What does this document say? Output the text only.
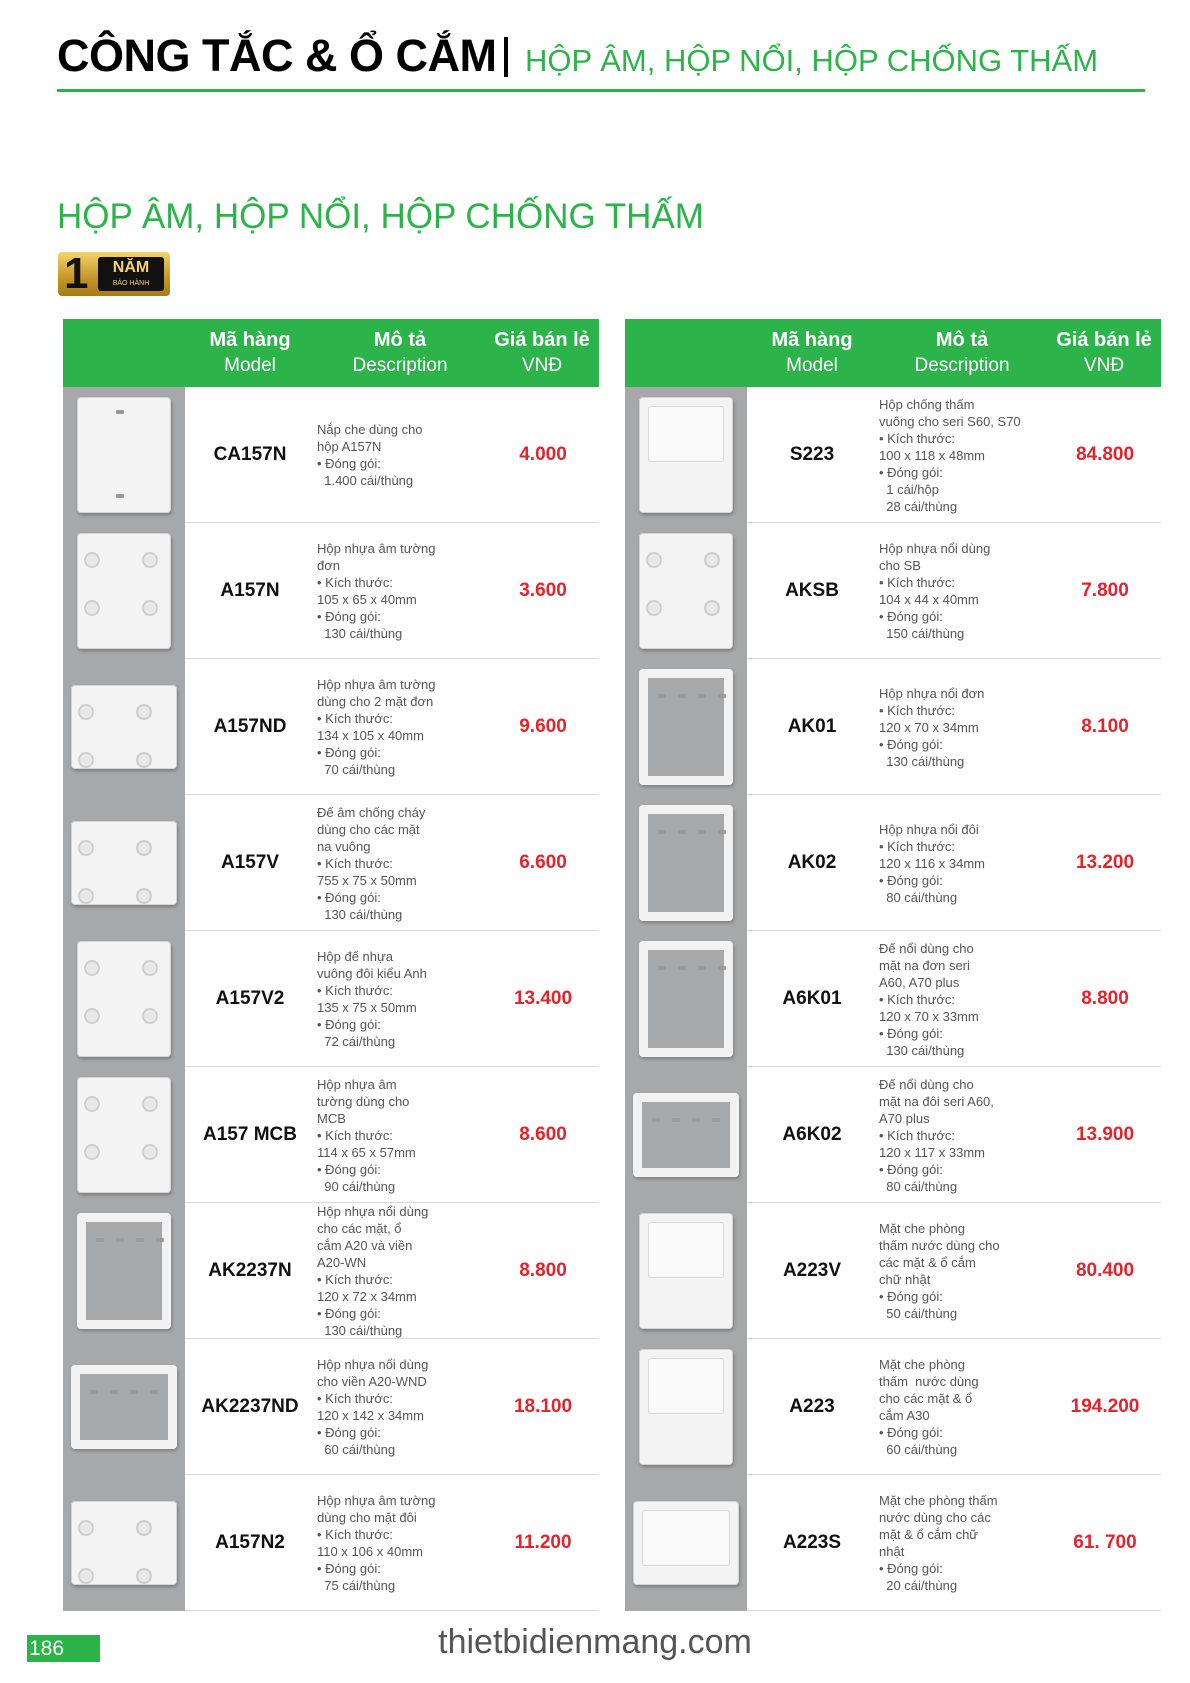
CÔNG TẮC & Ổ CẮM HỘP ÂM, HỘP NỔI, HỘP CHỐNG THẤM
HỘP ÂM, HỘP NỔI, HỘP CHỐNG THẤM
1	NĂM
BẢO HÀNH
Mã hàng
Model
Mô tả
Description
Giá bán lẻ
VNĐ
CA157N
Nắp che dùng cho
hộp A157N
• Đóng gói:
1.400 cái/thùng
4.000
A157N
Hộp nhựa âm tường
đơn
• Kích thước:
105 x 65 x 40mm
• Đóng gói:
130 cái/thùng
3.600
A157ND
Hộp nhựa âm tường
dùng cho 2 mặt đơn
• Kích thước:
134 x 105 x 40mm
• Đóng gói:
70 cái/thùng
9.600
A157V
Đế âm chống cháy
dùng cho các mặt
na vuông
• Kích thước:
755 x 75 x 50mm
• Đóng gói:
130 cái/thùng
6.600
A157V2
Hộp đế nhựa
vuông đôi kiểu Anh
• Kích thước:
135 x 75 x 50mm
• Đóng gói:
72 cái/thùng
13.400
A157 MCB
Hộp nhựa âm
tường dùng cho
MCB
• Kích thước:
114 x 65 x 57mm
• Đóng gói:
90 cái/thùng
8.600
AK2237N
Hộp nhựa nổi dùng
cho các mặt, ổ
cắm A20 và viền
A20-WN
• Kích thước:
120 x 72 x 34mm
• Đóng gói:
130 cái/thùng
8.800
AK2237ND
Hộp nhựa nổi dùng
cho viền A20-WND
• Kích thước:
120 x 142 x 34mm
• Đóng gói:
60 cái/thùng
18.100
A157N2
Hộp nhựa âm tường
dùng cho mặt đôi
• Kích thước:
110 x 106 x 40mm
• Đóng gói:
75 cái/thùng
11.200
Mã hàng
Model
Mô tả
Description
Giá bán lẻ
VNĐ
S223
Hộp chống thấm
vuông cho seri S60, S70
• Kích thước:
100 x 118 x 48mm
• Đóng gói:
1 cái/hộp
28 cái/thùng
84.800
AKSB
Hộp nhựa nổi dùng
cho SB
• Kích thước:
104 x 44 x 40mm
• Đóng gói:
150 cái/thùng
7.800
AK01
Hộp nhựa nổi đơn
• Kích thước:
120 x 70 x 34mm
• Đóng gói:
130 cái/thùng
8.100
AK02
Hộp nhựa nổi đôi
• Kích thước:
120 x 116 x 34mm
• Đóng gói:
80 cái/thùng
13.200
A6K01
Đế nổi dùng cho
mặt na đơn seri
A60, A70 plus
• Kích thước:
120 x 70 x 33mm
• Đóng gói:
130 cái/thùng
8.800
A6K02
Đế nổi dùng cho
mặt na đôi seri A60,
A70 plus
• Kích thước:
120 x 117 x 33mm
• Đóng gói:
80 cái/thùng
13.900
A223V
Mặt che phòng
thấm nước dùng cho
các mặt & ổ cắm
chữ nhật
• Đóng gói:
50 cái/thùng
80.400
A223
Mặt che phòng
thấm  nước dùng
cho các mặt & ổ
cắm A30
• Đóng gói:
60 cái/thùng
194.200
A223S
Mặt che phòng thấm
nước dùng cho các
mặt & ổ cắm chữ
nhật
• Đóng gói:
20 cái/thùng
61. 700
186	thietbidienmang.com
